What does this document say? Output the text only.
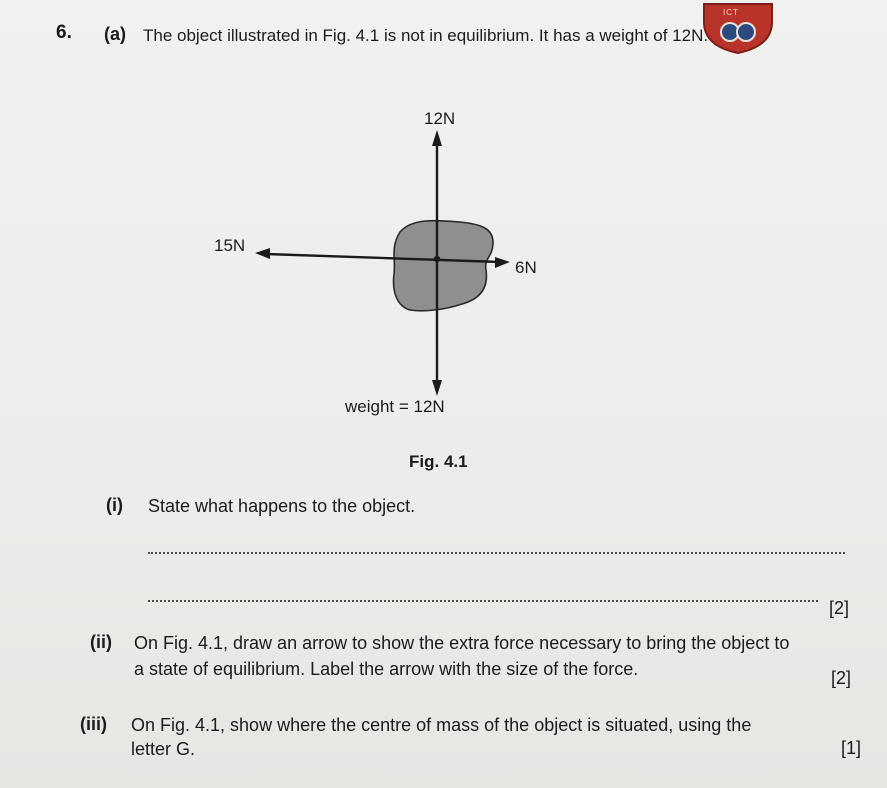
ICT
6. (a) The object illustrated in Fig. 4.1 is not in equilibrium. It has a weight of 12N.
12N
15N
6N
weight = 12N
Fig. 4.1
(i) State what happens to the object.
[2]
(ii) On Fig. 4.1, draw an arrow to show the extra force necessary to bring the object to
a state of equilibrium. Label the arrow with the size of the force.	[2]
(iii) On Fig. 4.1, show where the centre of mass of the object is situated, using the
letter G.	[1]
